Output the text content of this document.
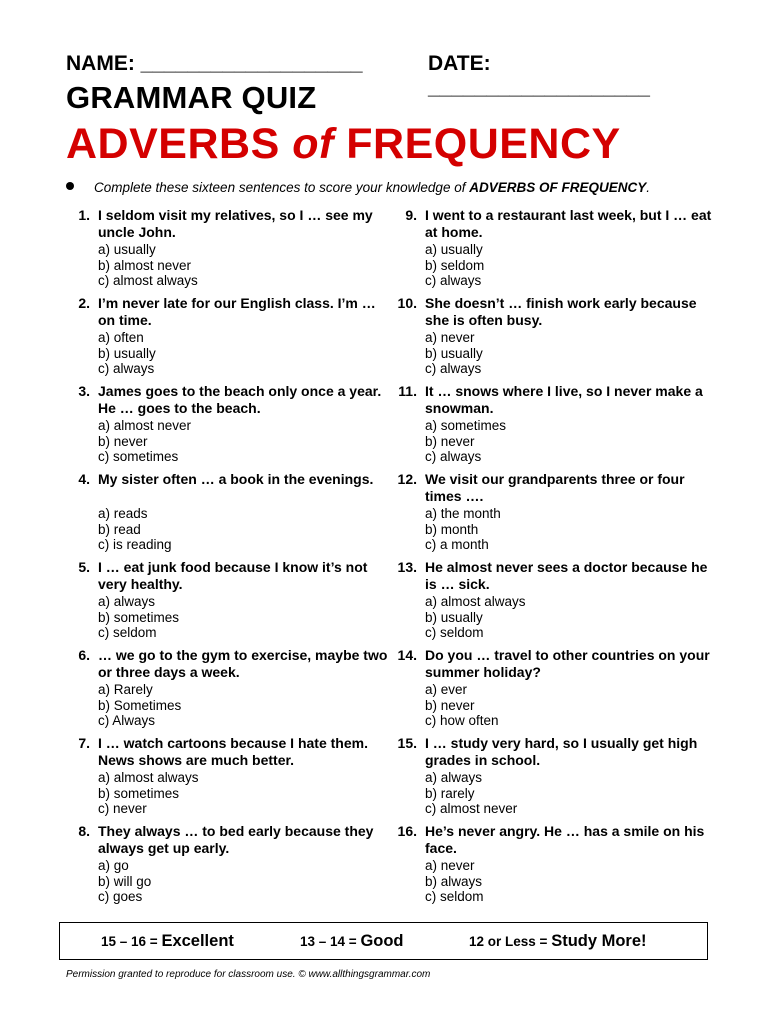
NAME: ___________________	DATE: ___________________
GRAMMAR QUIZ
ADVERBS of FREQUENCY
Complete these sixteen sentences to score your knowledge of ADVERBS OF FREQUENCY.
1. I seldom visit my relatives, so I … see my uncle John.
a) usually
b) almost never
c) almost always
2. I’m never late for our English class. I’m … on time.
a) often
b) usually
c) always
3. James goes to the beach only once a year. He … goes to the beach.
a) almost never
b) never
c) sometimes
4. My sister often … a book in the evenings.
a) reads
b) read
c) is reading
5. I … eat junk food because I know it’s not very healthy.
a) always
b) sometimes
c) seldom
6. … we go to the gym to exercise, maybe two or three days a week.
a) Rarely
b) Sometimes
c) Always
7. I … watch cartoons because I hate them. News shows are much better.
a) almost always
b) sometimes
c) never
8. They always … to bed early because they always get up early.
a) go
b) will go
c) goes
9. I went to a restaurant last week, but I … eat at home.
a) usually
b) seldom
c) always
10. She doesn’t … finish work early because she is often busy.
a) never
b) usually
c) always
11. It … snows where I live, so I never make a snowman.
a) sometimes
b) never
c) always
12. We visit our grandparents three or four times ….
a) the month
b) month
c) a month
13. He almost never sees a doctor because he is … sick.
a) almost always
b) usually
c) seldom
14. Do you … travel to other countries on your summer holiday?
a) ever
b) never
c) how often
15. I … study very hard, so I usually get high grades in school.
a) always
b) rarely
c) almost never
16. He’s never angry. He … has a smile on his face.
a) never
b) always
c) seldom
15 – 16 = Excellent	13 – 14 = Good	12 or Less = Study More!
Permission granted to reproduce for classroom use. © www.allthingsgrammar.com
